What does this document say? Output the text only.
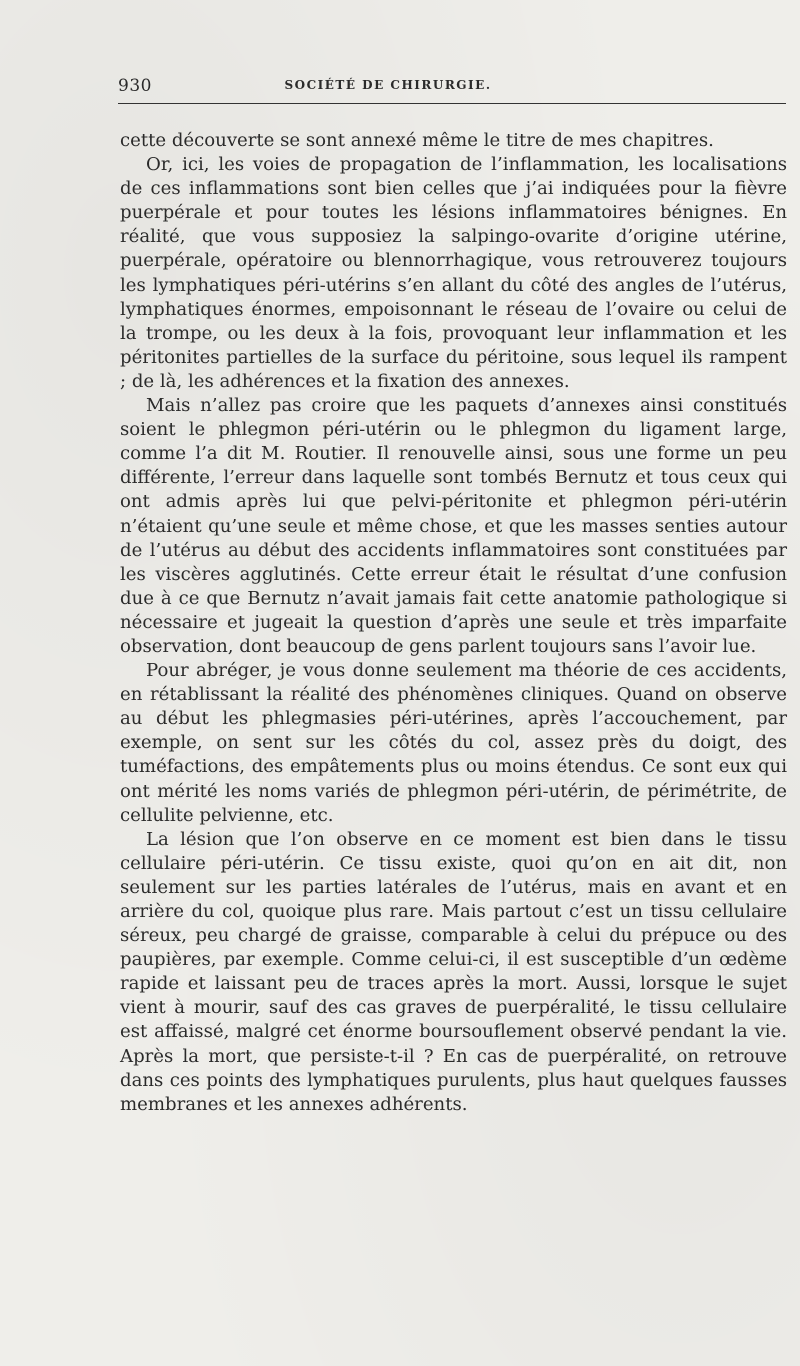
930	SOCIÉTÉ DE CHIRURGIE.

cette découverte se sont annexé même le titre de mes chapitres.

Or, ici, les voies de propagation de l’inflammation, les localisations de ces inflammations sont bien celles que j’ai indiquées pour la fièvre puerpérale et pour toutes les lésions inflammatoires bénignes. En réalité, que vous supposiez la salpingo-ovarite d’origine utérine, puerpérale, opératoire ou blennorrhagique, vous retrouverez toujours les lymphatiques péri-utérins s’en allant du côté des angles de l’utérus, lymphatiques énormes, empoisonnant le réseau de l’ovaire ou celui de la trompe, ou les deux à la fois, provoquant leur inflammation et les péritonites partielles de la surface du péritoine, sous lequel ils rampent ; de là, les adhérences et la fixation des annexes.

Mais n’allez pas croire que les paquets d’annexes ainsi constitués soient le phlegmon péri-utérin ou le phlegmon du ligament large, comme l’a dit M. Routier. Il renouvelle ainsi, sous une forme un peu différente, l’erreur dans laquelle sont tombés Bernutz et tous ceux qui ont admis après lui que pelvi-péritonite et phlegmon péri-utérin n’étaient qu’une seule et même chose, et que les masses senties autour de l’utérus au début des accidents inflammatoires sont constituées par les viscères agglutinés. Cette erreur était le résultat d’une confusion due à ce que Bernutz n’avait jamais fait cette anatomie pathologique si nécessaire et jugeait la question d’après une seule et très imparfaite observation, dont beaucoup de gens parlent toujours sans l’avoir lue.

Pour abréger, je vous donne seulement ma théorie de ces accidents, en rétablissant la réalité des phénomènes cliniques. Quand on observe au début les phlegmasies péri-utérines, après l’accouchement, par exemple, on sent sur les côtés du col, assez près du doigt, des tuméfactions, des empâtements plus ou moins étendus. Ce sont eux qui ont mérité les noms variés de phlegmon péri-utérin, de périmétrite, de cellulite pelvienne, etc.

La lésion que l’on observe en ce moment est bien dans le tissu cellulaire péri-utérin. Ce tissu existe, quoi qu’on en ait dit, non seulement sur les parties latérales de l’utérus, mais en avant et en arrière du col, quoique plus rare. Mais partout c’est un tissu cellulaire séreux, peu chargé de graisse, comparable à celui du prépuce ou des paupières, par exemple. Comme celui-ci, il est susceptible d’un œdème rapide et laissant peu de traces après la mort. Aussi, lorsque le sujet vient à mourir, sauf des cas graves de puerpéralité, le tissu cellulaire est affaissé, malgré cet énorme boursouflement observé pendant la vie. Après la mort, que persiste-t-il ? En cas de puerpéralité, on retrouve dans ces points des lymphatiques purulents, plus haut quelques fausses membranes et les annexes adhérents.
